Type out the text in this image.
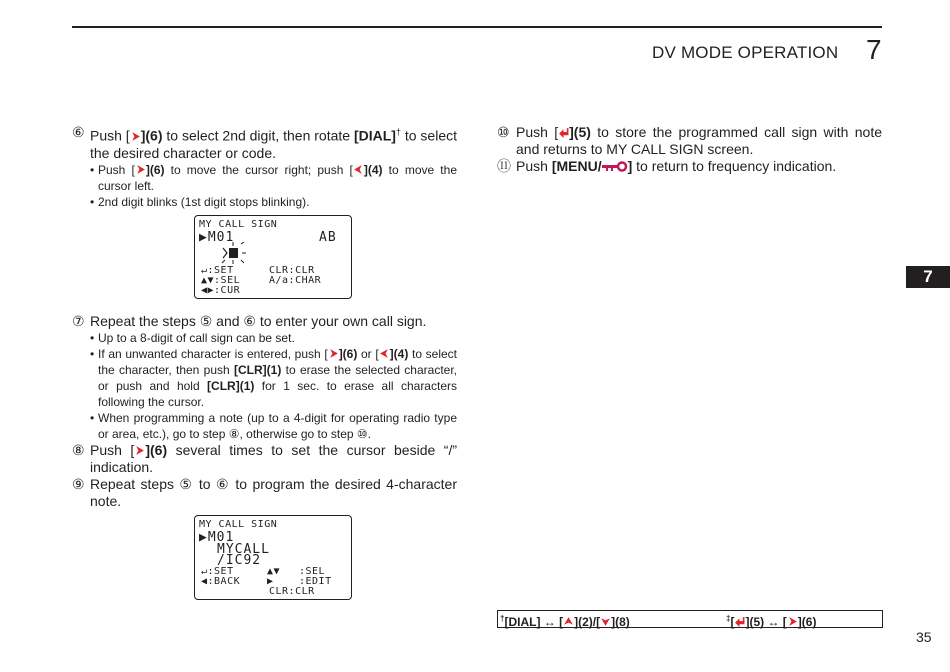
DV MODE OPERATION 7

⑥ Push [ ](6) to select 2nd digit, then rotate [DIAL]† to select the desired character or code.

• Push [ ](6) to move the cursor right; push [ ](4) to move the cursor left.

• 2nd digit blinks (1st digit stops blinking).

MY CALL SIGN
▶M01	AB
↵:SET	CLR:CLR
▲▼:SEL	A/a:CHAR
◀▶:CUR

⑦ Repeat the steps ⑤ and ⑥ to enter your own call sign.

• Up to a 8-digit of call sign can be set.

• If an unwanted character is entered, push [ ](6) or [ ](4) to select the character, then push [CLR](1) to erase the selected character, or push and hold [CLR](1) for 1 sec. to erase all characters following the cursor.

• When programming a note (up to a 4-digit for operating radio type or area, etc.), go to step ⑧, otherwise go to step ⑩.

⑧ Push [ ](6) several times to set the cursor beside “/” indication.

⑨ Repeat steps ⑤ to ⑥ to program the desired 4-character note.

MY CALL SIGN
▶M01
MYCALL
/IC92
↵:SET	▲▼ :SEL
◀:BACK	▶	:EDIT
CLR:CLR

⑩ Push [ ](5) to store the programmed call sign with note and returns to MY CALL SIGN screen.

⑪ Push [MENU/ ] to return to frequency indication.

7
†[DIAL] ↔ [ ](2)/[ ](8)	‡[ ](5) ↔ [ ](6)
35
